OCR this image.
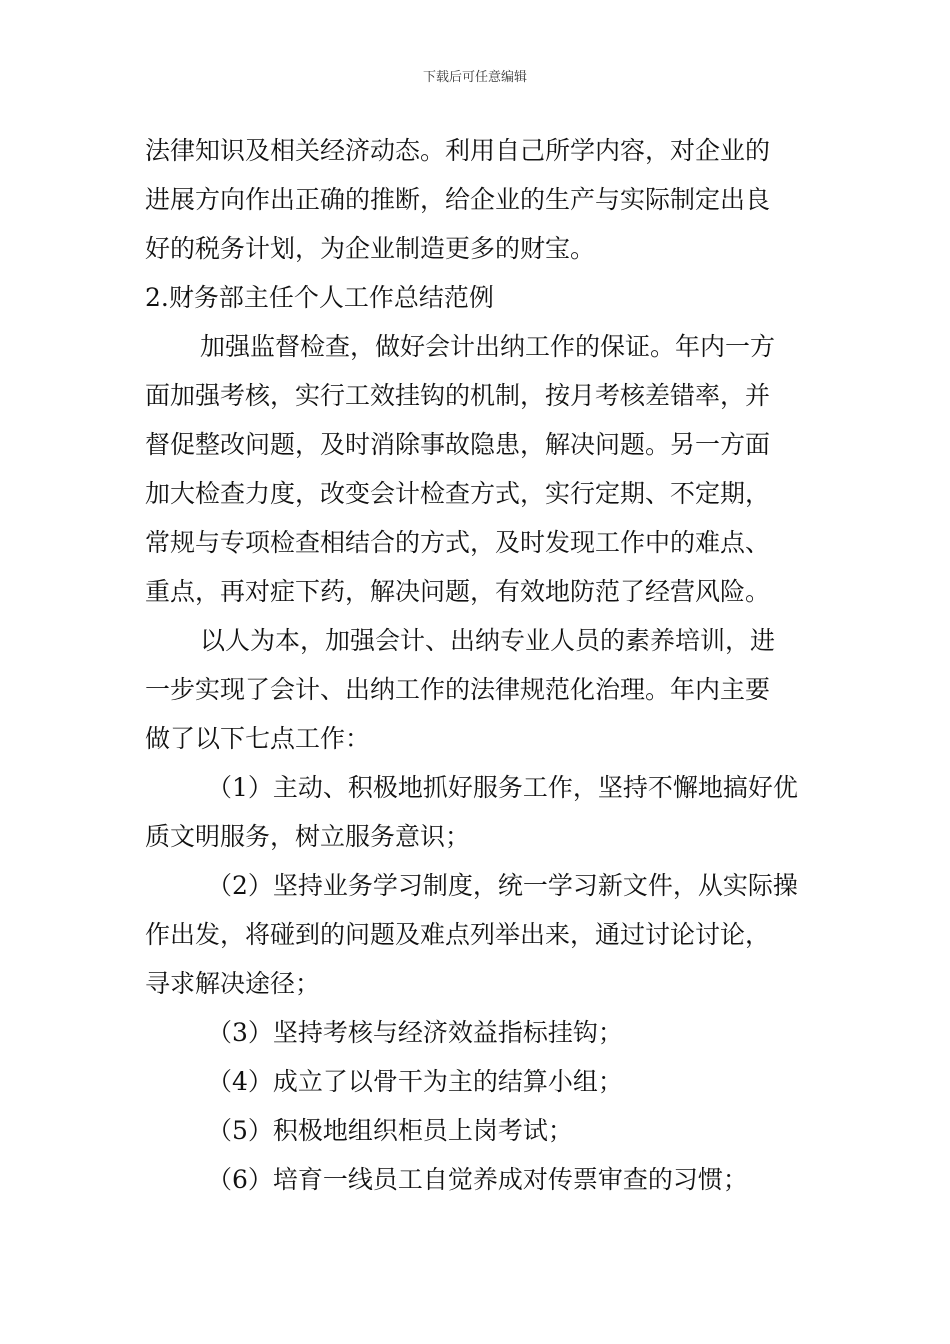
下载后可任意编辑
法律知识及相关经济动态。利用自己所学内容，对企业的
进展方向作出正确的推断，给企业的生产与实际制定出良
好的税务计划，为企业制造更多的财宝。
2.财务部主任个人工作总结范例
加强监督检查，做好会计出纳工作的保证。年内一方
面加强考核，实行工效挂钩的机制，按月考核差错率，并
督促整改问题，及时消除事故隐患，解决问题。另一方面
加大检查力度，改变会计检查方式，实行定期、不定期，
常规与专项检查相结合的方式，及时发现工作中的难点、
重点，再对症下药，解决问题，有效地防范了经营风险。
以人为本，加强会计、出纳专业人员的素养培训，进
一步实现了会计、出纳工作的法律规范化治理。年内主要
做了以下七点工作：
（1）主动、积极地抓好服务工作，坚持不懈地搞好优
质文明服务，树立服务意识；
（2）坚持业务学习制度，统一学习新文件，从实际操
作出发，将碰到的问题及难点列举出来，通过讨论讨论，
寻求解决途径；
（3）坚持考核与经济效益指标挂钩；
（4）成立了以骨干为主的结算小组；
（5）积极地组织柜员上岗考试；
（6）培育一线员工自觉养成对传票审查的习惯；
